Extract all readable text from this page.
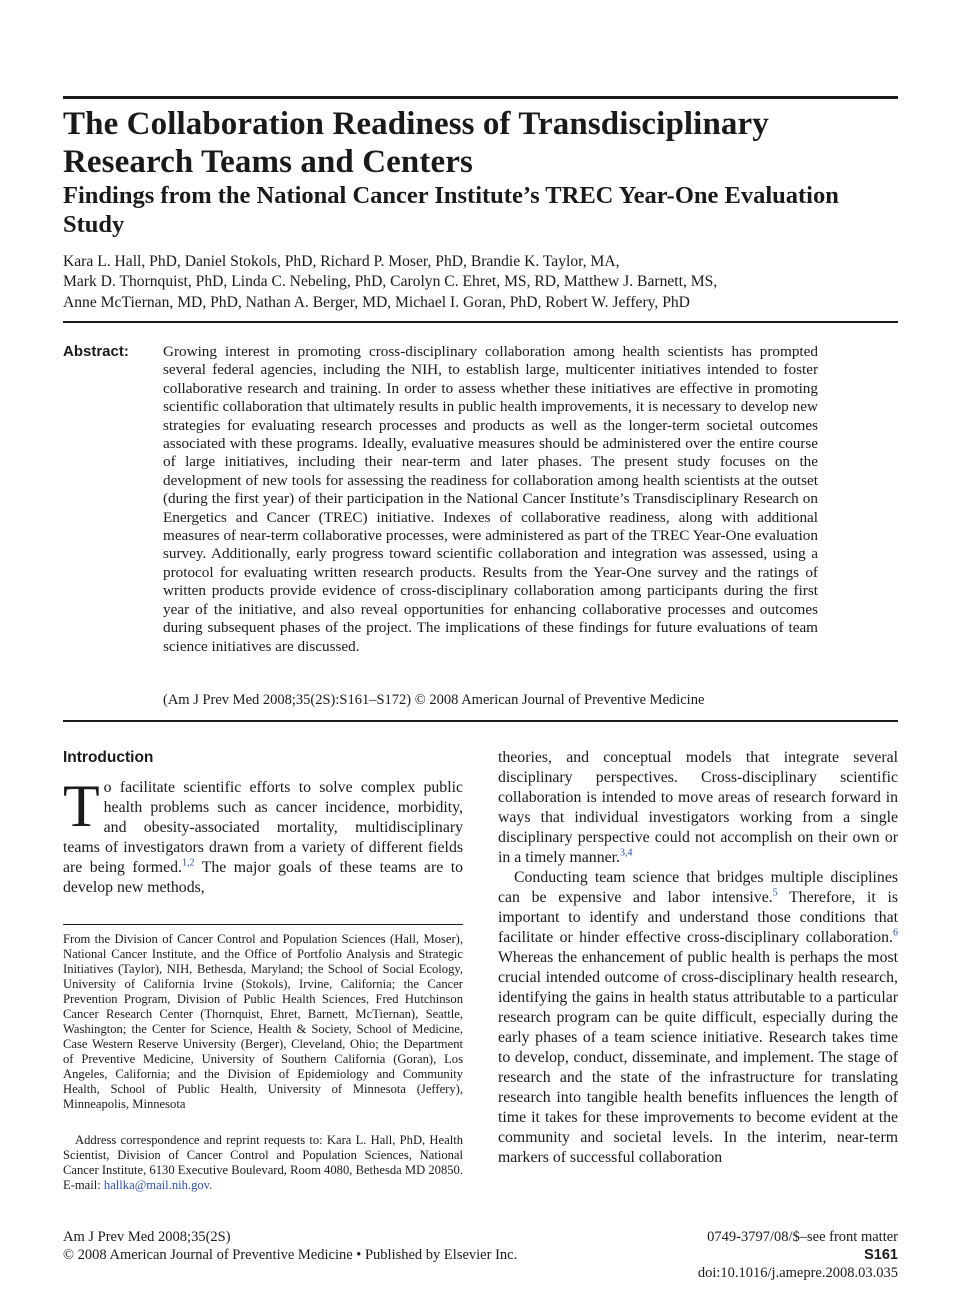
The Collaboration Readiness of Transdisciplinary Research Teams and Centers
Findings from the National Cancer Institute’s TREC Year-One Evaluation Study

Kara L. Hall, PhD, Daniel Stokols, PhD, Richard P. Moser, PhD, Brandie K. Taylor, MA,
Mark D. Thornquist, PhD, Linda C. Nebeling, PhD, Carolyn C. Ehret, MS, RD, Matthew J. Barnett, MS,
Anne McTiernan, MD, PhD, Nathan A. Berger, MD, Michael I. Goran, PhD, Robert W. Jeffery, PhD

Abstract: Growing interest in promoting cross-disciplinary collaboration among health scientists has prompted several federal agencies, including the NIH, to establish large, multicenter initiatives intended to foster collaborative research and training. In order to assess whether these initiatives are effective in promoting scientific collaboration that ultimately results in public health improvements, it is necessary to develop new strategies for evaluating research processes and products as well as the longer-term societal outcomes associated with these programs. Ideally, evaluative measures should be administered over the entire course of large initiatives, including their near-term and later phases. The present study focuses on the development of new tools for assessing the readiness for collaboration among health scientists at the outset (during the first year) of their participation in the National Cancer Institute’s Transdisciplinary Research on Energetics and Cancer (TREC) initiative. Indexes of collaborative readiness, along with additional measures of near-term collaborative processes, were administered as part of the TREC Year-One evaluation survey. Additionally, early progress toward scientific collaboration and integration was assessed, using a protocol for evaluating written research products. Results from the Year-One survey and the ratings of written products provide evidence of cross-disciplinary collaboration among participants during the first year of the initiative, and also reveal opportunities for enhancing collaborative processes and outcomes during subsequent phases of the project. The implications of these findings for future evaluations of team science initiatives are discussed.

(Am J Prev Med 2008;35(2S):S161–S172) © 2008 American Journal of Preventive Medicine

Introduction

To facilitate scientific efforts to solve complex public health problems such as cancer incidence, morbidity, and obesity-associated mortality, multidisciplinary teams of investigators drawn from a variety of different fields are being formed.$^{1,2}$ The major goals of these teams are to develop new methods,

From the Division of Cancer Control and Population Sciences (Hall, Moser), National Cancer Institute, and the Office of Portfolio Analysis and Strategic Initiatives (Taylor), NIH, Bethesda, Maryland; the School of Social Ecology, University of California Irvine (Stokols), Irvine, California; the Cancer Prevention Program, Division of Public Health Sciences, Fred Hutchinson Cancer Research Center (Thornquist, Ehret, Barnett, McTiernan), Seattle, Washington; the Center for Science, Health & Society, School of Medicine, Case Western Reserve University (Berger), Cleveland, Ohio; the Department of Preventive Medicine, University of Southern California (Goran), Los Angeles, California; and the Division of Epidemiology and Community Health, School of Public Health, University of Minnesota (Jeffery), Minneapolis, Minnesota

Address correspondence and reprint requests to: Kara L. Hall, PhD, Health Scientist, Division of Cancer Control and Population Sciences, National Cancer Institute, 6130 Executive Boulevard, Room 4080, Bethesda MD 20850. E-mail: hallka@mail.nih.gov.

theories, and conceptual models that integrate several disciplinary perspectives. Cross-disciplinary scientific collaboration is intended to move areas of research forward in ways that individual investigators working from a single disciplinary perspective could not accomplish on their own or in a timely manner.$^{3,4}$

Conducting team science that bridges multiple disciplines can be expensive and labor intensive.$^5$ Therefore, it is important to identify and understand those conditions that facilitate or hinder effective cross-disciplinary collaboration.$^6$ Whereas the enhancement of public health is perhaps the most crucial intended outcome of cross-disciplinary health research, identifying the gains in health status attributable to a particular research program can be quite difficult, especially during the early phases of a team science initiative. Research takes time to develop, conduct, disseminate, and implement. The stage of research and the state of the infrastructure for translating research into tangible health benefits influences the length of time it takes for these improvements to become evident at the community and societal levels. In the interim, near-term markers of successful collaboration

Am J Prev Med 2008;35(2S)
© 2008 American Journal of Preventive Medicine • Published by Elsevier Inc.

0749-3797/08/$–see front matter
S161
doi:10.1016/j.amepre.2008.03.035
